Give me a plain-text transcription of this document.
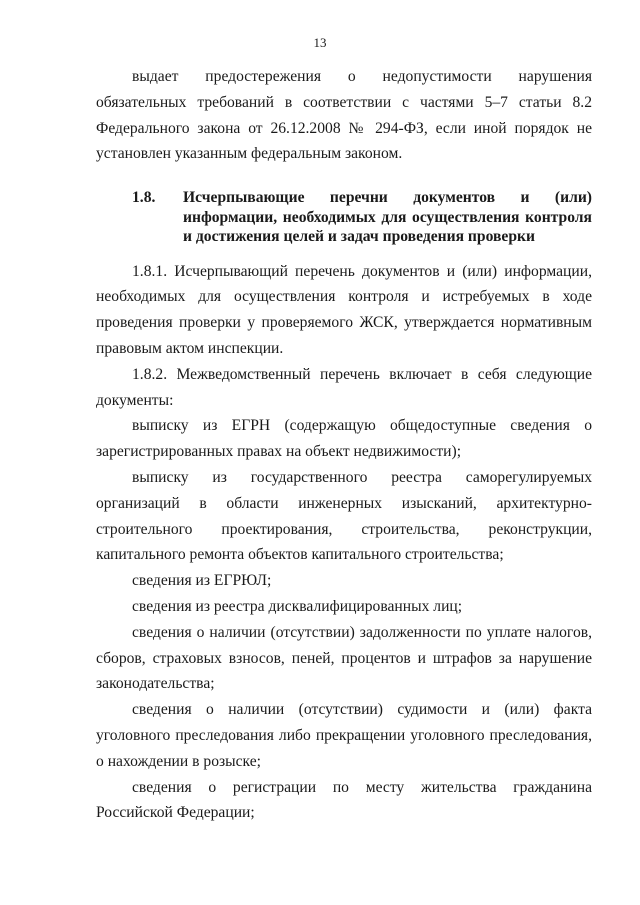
13

выдает предостережения о недопустимости нарушения обязательных требований в соответствии с частями 5–7 статьи 8.2 Федерального закона от 26.12.2008 № 294-ФЗ, если иной порядок не установлен указанным федеральным законом.

1.8.	Исчерпывающие перечни документов и (или) информации, необходимых для осуществления контроля и достижения целей и задач проведения проверки

1.8.1. Исчерпывающий перечень документов и (или) информации, необходимых для осуществления контроля и истребуемых в ходе проведения проверки у проверяемого ЖСК, утверждается нормативным правовым актом инспекции.

1.8.2. Межведомственный перечень включает в себя следующие документы:

выписку из ЕГРН (содержащую общедоступные сведения о зарегистрированных правах на объект недвижимости);

выписку из государственного реестра саморегулируемых организаций в области инженерных изысканий, архитектурно-строительного проектирования, строительства, реконструкции, капитального ремонта объектов капитального строительства;

сведения из ЕГРЮЛ;

сведения из реестра дисквалифицированных лиц;

сведения о наличии (отсутствии) задолженности по уплате налогов, сборов, страховых взносов, пеней, процентов и штрафов за нарушение законодательства;

сведения о наличии (отсутствии) судимости и (или) факта уголовного преследования либо прекращении уголовного преследования, о нахождении в розыске;

сведения о регистрации по месту жительства гражданина Российской Федерации;
